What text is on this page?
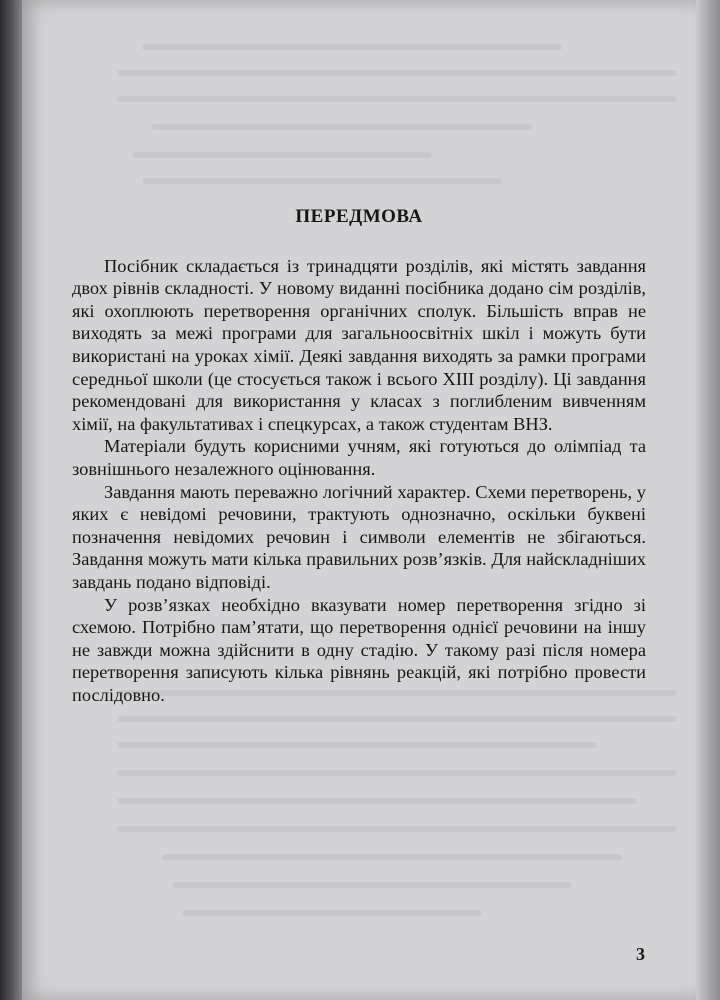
ПЕРЕДМОВА

Посібник складається із тринадцяти розділів, які містять завдання двох рівнів складності. У новому виданні посібника додано сім розділів, які охоплюють перетворення органічних сполук. Більшість вправ не виходять за межі програми для загальноосвітніх шкіл і можуть бути використані на уроках хімії. Деякі завдання виходять за рамки програми середньої школи (це стосується також і всього XIII розділу). Ці завдання рекомендовані для використання у класах з поглибленим вивченням хімії, на факультативах і спецкурсах, а також студентам ВНЗ.

Матеріали будуть корисними учням, які готуються до олімпіад та зовнішнього незалежного оцінювання.

Завдання мають переважно логічний характер. Схеми перетворень, у яких є невідомі речовини, трактують однозначно, оскільки буквені позначення невідомих речовин і символи елементів не збігаються. Завдання можуть мати кілька правильних розв’язків. Для найскладніших завдань подано відповіді.

У розв’язках необхідно вказувати номер перетворення згідно зі схемою. Потрібно пам’ятати, що перетворення однієї речовини на іншу не завжди можна здійснити в одну стадію. У такому разі після номера перетворення записують кілька рівнянь реакцій, які потрібно провести послідовно.

3
